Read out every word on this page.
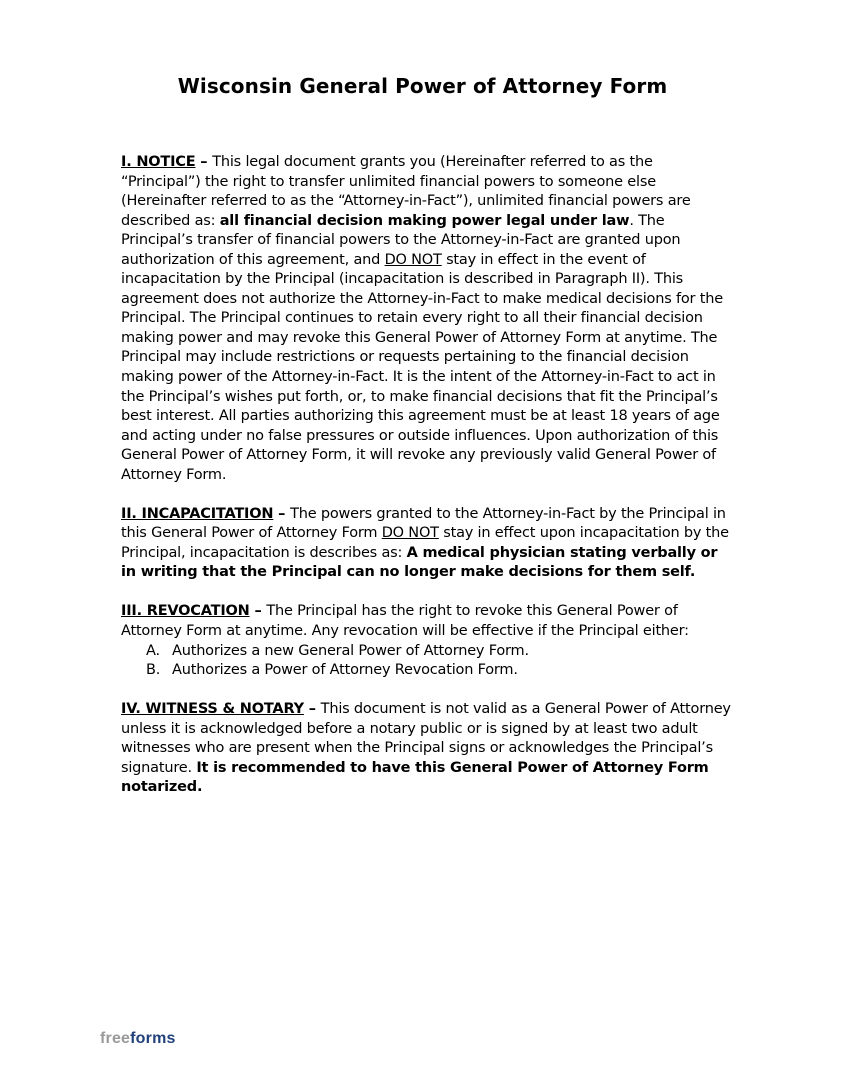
Wisconsin General Power of Attorney Form

I. NOTICE – This legal document grants you (Hereinafter referred to as the “Principal”) the right to transfer unlimited financial powers to someone else (Hereinafter referred to as the “Attorney-in-Fact”), unlimited financial powers are described as: all financial decision making power legal under law. The Principal’s transfer of financial powers to the Attorney-in-Fact are granted upon authorization of this agreement, and DO NOT stay in effect in the event of incapacitation by the Principal (incapacitation is described in Paragraph II). This agreement does not authorize the Attorney-in-Fact to make medical decisions for the Principal. The Principal continues to retain every right to all their financial decision making power and may revoke this General Power of Attorney Form at anytime. The Principal may include restrictions or requests pertaining to the financial decision making power of the Attorney-in-Fact. It is the intent of the Attorney-in-Fact to act in the Principal’s wishes put forth, or, to make financial decisions that fit the Principal’s best interest. All parties authorizing this agreement must be at least 18 years of age and acting under no false pressures or outside influences. Upon authorization of this General Power of Attorney Form, it will revoke any previously valid General Power of Attorney Form.

II. INCAPACITATION – The powers granted to the Attorney-in-Fact by the Principal in this General Power of Attorney Form DO NOT stay in effect upon incapacitation by the Principal, incapacitation is describes as: A medical physician stating verbally or in writing that the Principal can no longer make decisions for them self.

III. REVOCATION – The Principal has the right to revoke this General Power of Attorney Form at anytime. Any revocation will be effective if the Principal either:
A. Authorizes a new General Power of Attorney Form.
B. Authorizes a Power of Attorney Revocation Form.

IV. WITNESS & NOTARY – This document is not valid as a General Power of Attorney unless it is acknowledged before a notary public or is signed by at least two adult witnesses who are present when the Principal signs or acknowledges the Principal’s signature. It is recommended to have this General Power of Attorney Form notarized.

freeforms
